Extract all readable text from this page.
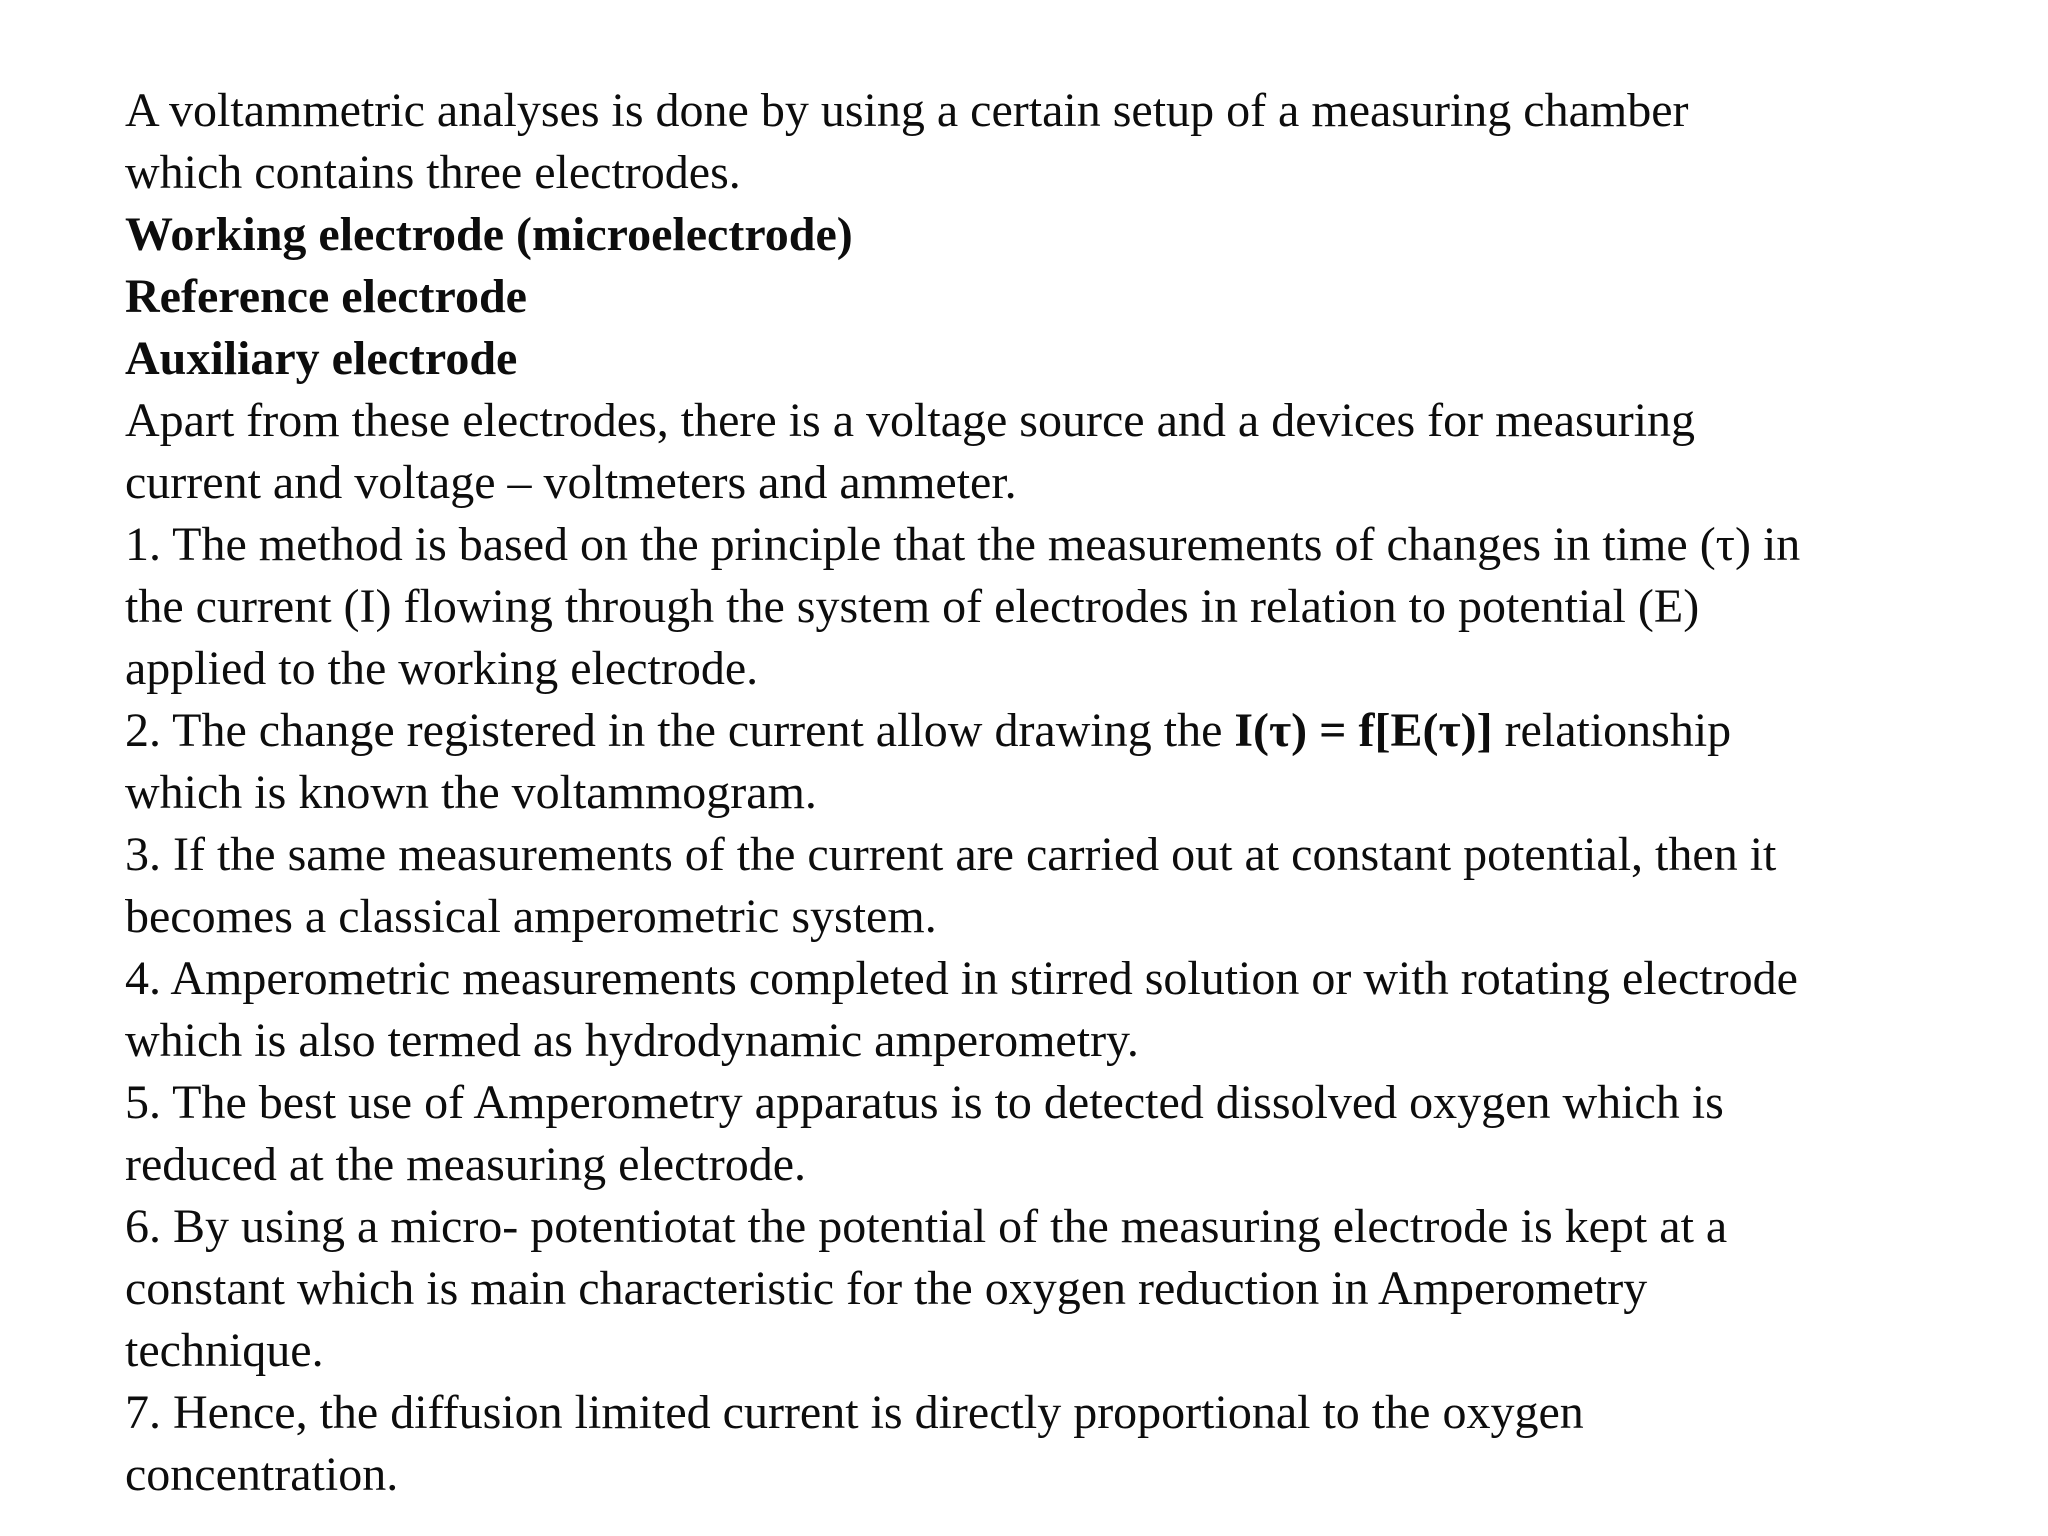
A voltammetric analyses is done by using a certain setup of a measuring chamber
which contains three electrodes.
Working electrode (microelectrode)
Reference electrode
Auxiliary electrode
Apart from these electrodes, there is a voltage source and a devices for measuring
current and voltage – voltmeters and ammeter.
1. The method is based on the principle that the measurements of changes in time (τ) in
the current (I) flowing through the system of electrodes in relation to potential (E)
applied to the working electrode.
2. The change registered in the current allow drawing the I(τ) = f[E(τ)] relationship
which is known the voltammogram.
3. If the same measurements of the current are carried out at constant potential, then it
becomes a classical amperometric system.
4. Amperometric measurements completed in stirred solution or with rotating electrode
which is also termed as hydrodynamic amperometry.
5. The best use of Amperometry apparatus is to detected dissolved oxygen which is
reduced at the measuring electrode.
6. By using a micro- potentiotat the potential of the measuring electrode is kept at a
constant which is main characteristic for the oxygen reduction in Amperometry
technique.
7. Hence, the diffusion limited current is directly proportional to the oxygen
concentration.
